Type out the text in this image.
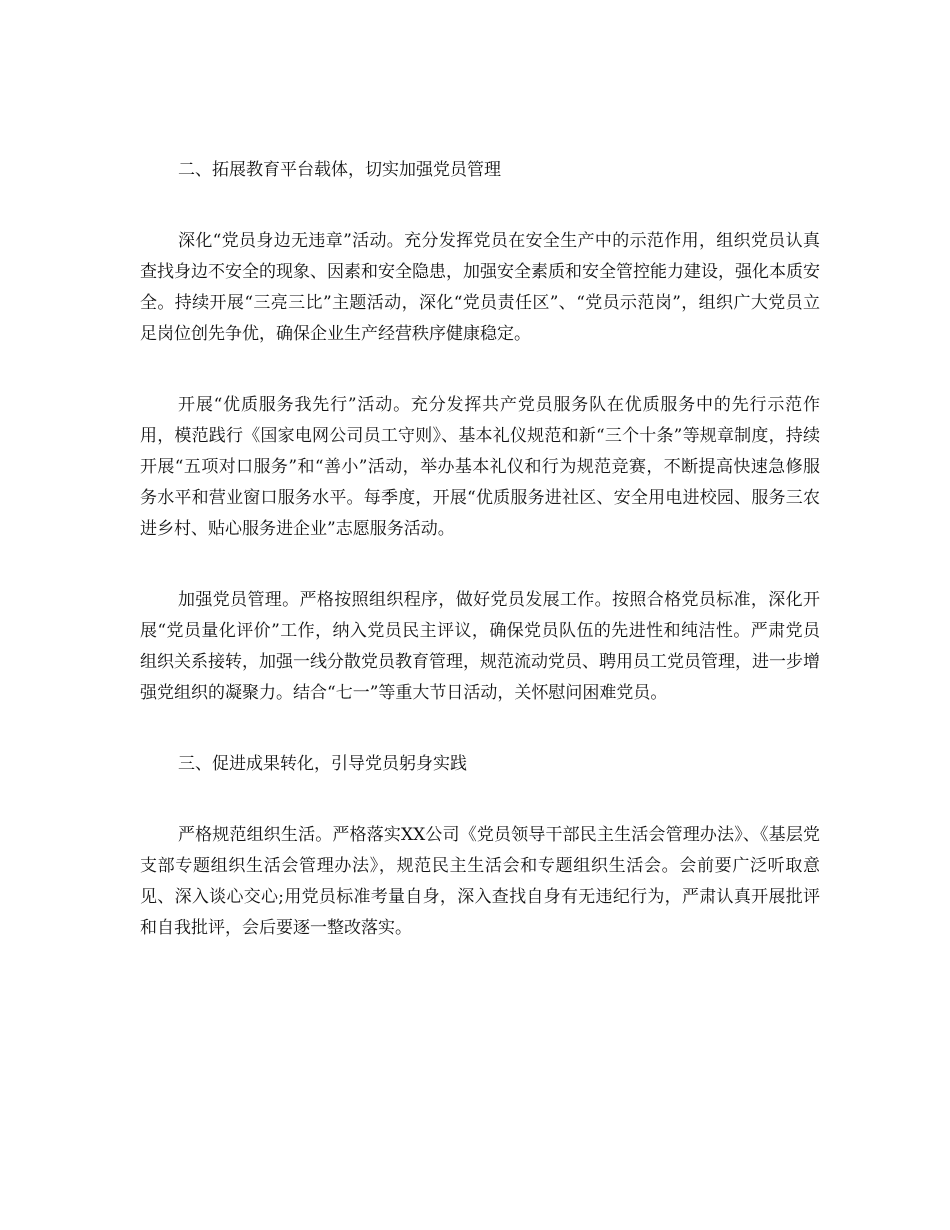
二、拓展教育平台载体，切实加强党员管理

深化“党员身边无违章”活动。充分发挥党员在安全生产中的示范作用，组织党员认真查找身边不安全的现象、因素和安全隐患，加强安全素质和安全管控能力建设，强化本质安全。持续开展“三亮三比”主题活动，深化“党员责任区”、“党员示范岗”，组织广大党员立足岗位创先争优，确保企业生产经营秩序健康稳定。

开展“优质服务我先行”活动。充分发挥共产党员服务队在优质服务中的先行示范作用，模范践行《国家电网公司员工守则》、基本礼仪规范和新“三个十条”等规章制度，持续开展“五项对口服务”和“善小”活动，举办基本礼仪和行为规范竞赛，不断提高快速急修服务水平和营业窗口服务水平。每季度，开展“优质服务进社区、安全用电进校园、服务三农进乡村、贴心服务进企业”志愿服务活动。

加强党员管理。严格按照组织程序，做好党员发展工作。按照合格党员标准，深化开展“党员量化评价”工作，纳入党员民主评议，确保党员队伍的先进性和纯洁性。严肃党员组织关系接转，加强一线分散党员教育管理，规范流动党员、聘用员工党员管理，进一步增强党组织的凝聚力。结合“七一”等重大节日活动，关怀慰问困难党员。

三、促进成果转化，引导党员躬身实践

严格规范组织生活。严格落实XX公司《党员领导干部民主生活会管理办法》、《基层党支部专题组织生活会管理办法》，规范民主生活会和专题组织生活会。会前要广泛听取意见、深入谈心交心;用党员标准考量自身，深入查找自身有无违纪行为，严肃认真开展批评和自我批评，会后要逐一整改落实。
